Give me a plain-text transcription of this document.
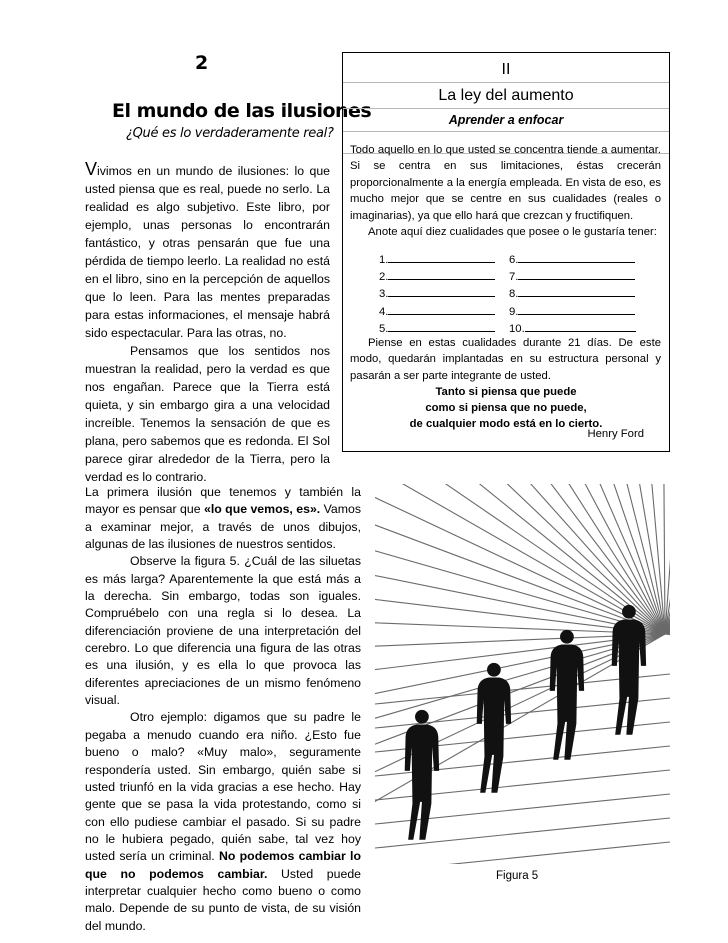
2
El mundo de las ilusiones
¿Qué es lo verdaderamente real?

Vivimos en un mundo de ilusiones: lo que usted piensa que es real, puede no serlo. La realidad es algo subjetivo. Este libro, por ejemplo, unas personas lo encontrarán fantástico, y otras pensarán que fue una pérdida de tiempo leerlo. La realidad no está en el libro, sino en la percepción de aquellos que lo leen. Para las mentes preparadas para estas informaciones, el mensaje habrá sido espectacular. Para las otras, no.

Pensamos que los sentidos nos muestran la realidad, pero la verdad es que nos engañan. Parece que la Tierra está quieta, y sin embargo gira a una velocidad increíble. Tenemos la sensación de que es plana, pero sabemos que es redonda. El Sol parece girar alrededor de la Tierra, pero la verdad es lo contrario.

II
La ley del aumento
Aprender a enfocar

Todo aquello en lo que usted se concentra tiende a aumentar. Si se centra en sus limitaciones, éstas crecerán proporcionalmente a la energía empleada. En vista de eso, es mucho mejor que se centre en sus cualidades (reales o imaginarias), ya que ello hará que crezcan y fructifiquen.

Anote aquí diez cualidades que posee o le gustaría tener:

1.	6.
2.	7.
3.	8.
4.	9.
5.	10.
Piense en estas cualidades durante 21 días. De este modo, quedarán implantadas en su estructura personal y pasarán a ser parte integrante de usted.
Tanto si piensa que puede
como si piensa que no puede,
de cualquier modo está en lo cierto.
Henry Ford

La primera ilusión que tenemos y también la mayor es pensar que «lo que vemos, es». Vamos a examinar mejor, a través de unos dibujos, algunas de las ilusiones de nuestros sentidos.

Observe la figura 5. ¿Cuál de las siluetas es más larga? Aparentemente la que está más a la derecha. Sin embargo, todas son iguales. Compruébelo con una regla si lo desea. La diferenciación proviene de una interpretación del cerebro. Lo que diferencia una figura de las otras es una ilusión, y es ella lo que provoca las diferentes apreciaciones de un mismo fenómeno visual.

Otro ejemplo: digamos que su padre le pegaba a menudo cuando era niño. ¿Esto fue bueno o malo? «Muy malo», seguramente respondería usted. Sin embargo, quién sabe si usted triunfó en la vida gracias a ese hecho. Hay gente que se pasa la vida protestando, como si con ello pudiese cambiar el pasado. Si su padre no le hubiera pegado, quién sabe, tal vez hoy usted sería un criminal. No podemos cambiar lo que no podemos cambiar. Usted puede interpretar cualquier hecho como bueno o como malo. Depende de su punto de vista, de su visión del mundo.

Figura 5
